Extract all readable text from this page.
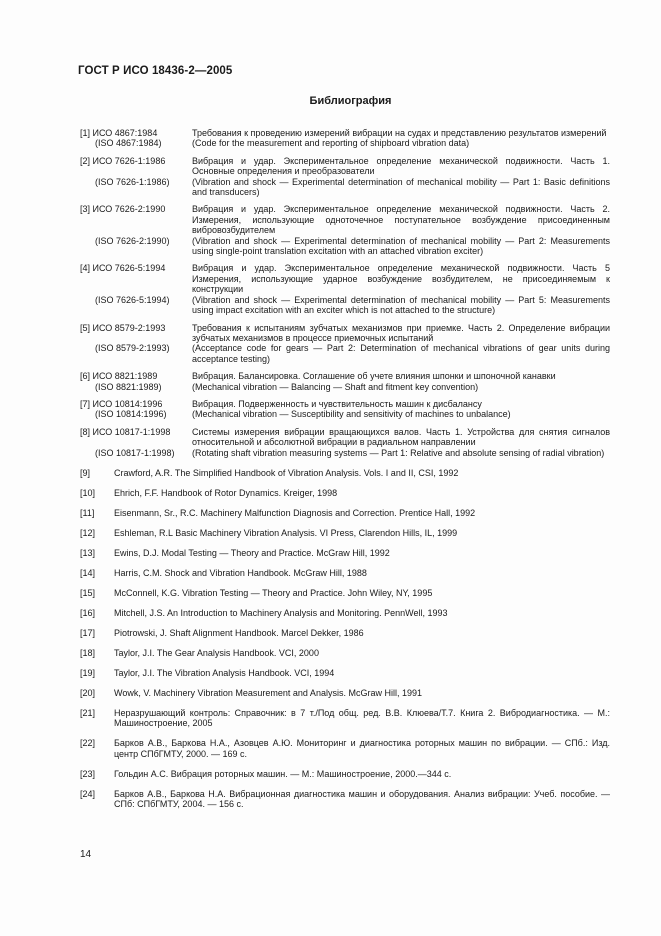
ГОСТ Р ИСО 18436-2—2005
Библиография
[1] ИСО 4867:1984	Требования к проведению измерений вибрации на судах и представлению результатов измерений
(ISO 4867:1984)	(Code for the measurement and reporting of shipboard vibration data)
[2] ИСО 7626-1:1986	Вибрация и удар. Экспериментальное определение механической подвижности. Часть 1. Основные определения и преобразователи
(ISO 7626-1:1986)	(Vibration and shock — Experimental determination of mechanical mobility — Part 1: Basic definitions and transducers)
[3] ИСО 7626-2:1990	Вибрация и удар. Экспериментальное определение механической подвижности. Часть 2. Измерения, использующие одноточечное поступательное возбуждение присоединенным вибровозбудителем
(ISO 7626-2:1990)	(Vibration and shock — Experimental determination of mechanical mobility — Part 2: Measurements using single-point translation excitation with an attached vibration exciter)
[4] ИСО 7626-5:1994	Вибрация и удар. Экспериментальное определение механической подвижности. Часть 5 Измерения, использующие ударное возбуждение возбудителем, не присоединяемым к конструкции
(ISO 7626-5:1994)	(Vibration and shock — Experimental determination of mechanical mobility — Part 5: Measurements using impact excitation with an exciter which is not attached to the structure)
[5] ИСО 8579-2:1993	Требования к испытаниям зубчатых механизмов при приемке. Часть 2. Определение вибрации зубчатых механизмов в процессе приемочных испытаний
(ISO 8579-2:1993)	(Acceptance code for gears — Part 2: Determination of mechanical vibrations of gear units during acceptance testing)
[6] ИСО 8821:1989	Вибрация. Балансировка. Соглашение об учете влияния шпонки и шпоночной канавки
(ISO 8821:1989)	(Mechanical vibration — Balancing — Shaft and fitment key convention)
[7] ИСО 10814:1996	Вибрация. Подверженность и чувствительность машин к дисбалансу
(ISO 10814:1996)	(Mechanical vibration — Susceptibility and sensitivity of machines to unbalance)
[8] ИСО 10817-1:1998	Системы измерения вибрации вращающихся валов. Часть 1. Устройства для снятия сигналов относительной и абсолютной вибрации в радиальном направлении
(ISO 10817-1:1998)	(Rotating shaft vibration measuring systems — Part 1: Relative and absolute sensing of radial vibration)
[9]	Crawford, A.R. The Simplified Handbook of Vibration Analysis. Vols. I and II, CSI, 1992
[10]	Ehrich, F.F. Handbook of Rotor Dynamics. Kreiger, 1998
[11]	Eisenmann, Sr., R.C. Machinery Malfunction Diagnosis and Correction. Prentice Hall, 1992
[12]	Eshleman, R.L Basic Machinery Vibration Analysis. VI Press, Clarendon Hills, IL, 1999
[13]	Ewins, D.J. Modal Testing — Theory and Practice. McGraw Hill, 1992
[14]	Harris, C.M. Shock and Vibration Handbook. McGraw Hill, 1988
[15]	McConnell, K.G. Vibration Testing — Theory and Practice. John Wiley, NY, 1995
[16]	Mitchell, J.S. An Introduction to Machinery Analysis and Monitoring. PennWell, 1993
[17]	Piotrowski, J. Shaft Alignment Handbook. Marcel Dekker, 1986
[18]	Taylor, J.I. The Gear Analysis Handbook. VCI, 2000
[19]	Taylor, J.I. The Vibration Analysis Handbook. VCI, 1994
[20]	Wowk, V. Machinery Vibration Measurement and Analysis. McGraw Hill, 1991
[21]	Неразрушающий контроль: Справочник: в 7 т./Под общ. ред. В.В. Клюева/Т.7. Книга 2. Вибродиагностика. — М.: Машиностроение, 2005
[22]	Барков А.В., Баркова Н.А., Азовцев А.Ю. Мониторинг и диагностика роторных машин по вибрации. — СПб.: Изд. центр СПбГМТУ, 2000. — 169 с.
[23]	Гольдин А.С. Вибрация роторных машин. — М.: Машиностроение, 2000.—344 с.
[24]	Барков А.В., Баркова Н.А. Вибрационная диагностика машин и оборудования. Анализ вибрации: Учеб. пособие. — СПб: СПбГМТУ, 2004. — 156 с.
14
